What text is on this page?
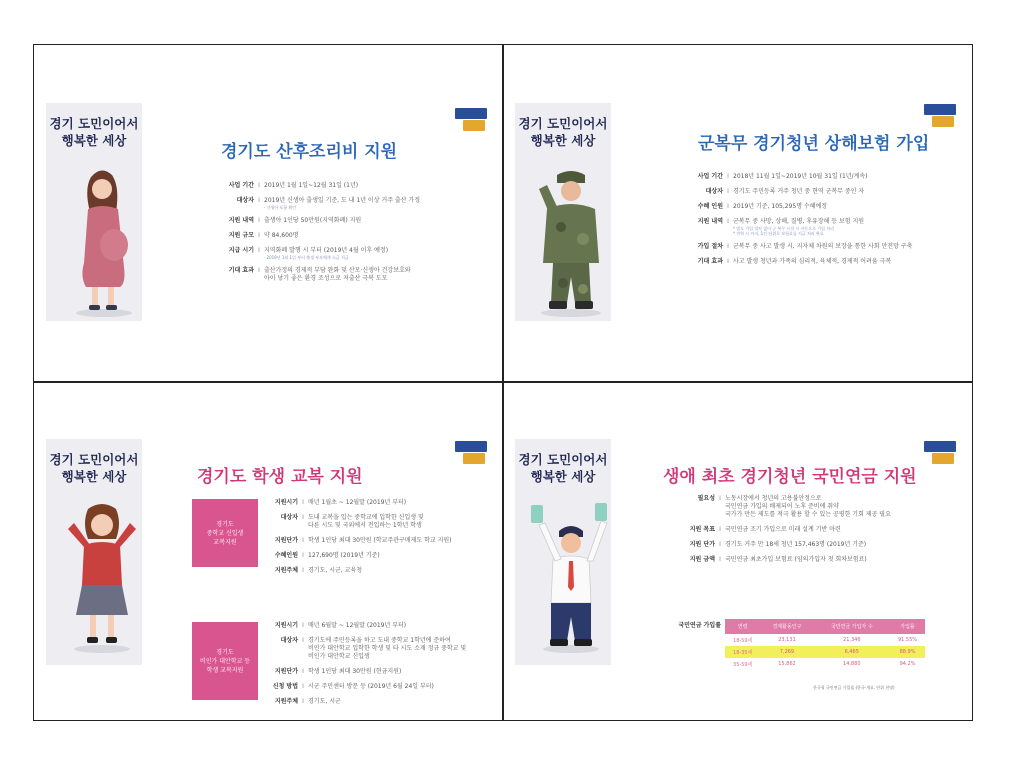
경기 도민이어서
행복한 세상
경기도 산후조리비 지원
사업 기간 I 2019년 1월 1일~12월 31일 (1년)
대상자 I 2019년 신생아 출생일 기준, 도 내 1년 이상 거주 출산 가정
· 신생아 포함 확인
지원 내역 I 출생아 1인당 50만원(지역화폐) 지원
지원 규모 I 약 84,600명
지급 시기 I 지역화폐 발행 시 부터 (2019년 4월 이후 예정)
· 2019년 1월 1일 부터 출생 부모에게 소급 지급
기대 효과 I 출산가정의 경제적 부담 완화 및 산모·신생아 건강보호와
아이 낳기 좋은 환경 조성으로 저출산 극복 도모
경기 도민이어서
행복한 세상	군복무 경기청년 상해보험 가입
사업 기간 I 2018년 11월 1일~2019년 10월 31일 (1년/계속)
대상자 I 경기도 주민등록 거주 청년 중 현역 군복무 중인 자
수혜 인원 I 2019년 기준, 105,295명 수혜예정
지원 내역 I 군복무 중 사망, 상해, 질병, 후유장해 등 보험 지원
* 별도 가입 절차 없이 군 복무 시작 시 자동으로 가입 처리
* 전역 시 까지, 1인 단위로 보험료를 지급 처리 완료
가입 절차 I 군복무 중 사고 발생 시, 지자체 차원의 보장을 통한 사회 안전망 구축
기대 효과 I 사고 발생 청년과 가족의 심리적, 육체적, 경제적 어려움 극복
경기 도민이어서
행복한 세상	경기도 학생 교복 지원
경기도
중학교 신입생
교복지원
경기도
비인가 대안학교 등
학생 교복지원
지원시기 I 매년 1월초 ~ 12월말 (2019년 부터)
대상자 I 도내 교복을 입는 중학교에 입학한 신입생 및
다른 시도 및 국외에서 전입하는 1학년 학생
지원단가 I 학생 1인당 최대 30만원 (학교주관구매제도 학교 지원)
수혜인원 I 127,690명 (2019년 기준)
지원주체 I 경기도, 시군, 교육청
지원시기 I 매년 6월말 ~ 12월말 (2019년 부터)
대상자 I 경기도에 주민등록을 하고 도내 중학교 1학년에 준하여
비인가 대안학교 입학한 학생 및 타 시도 소재 정규 중학교 및
비인가 대안학교 신입생
지원단가 I 학생 1인당 최대 30만원 (현금지원)
신청 방법 I 시군 주민센터 방문 등 (2019년 6월 24일 부터)
지원주체 I 경기도, 시군
경기 도민이어서
행복한 세상	생애 최초 경기청년 국민연금 지원
필요성 I 노동시장에서 청년의 고용불안정으로
국민연금 가입의 배제되어 노후 준비에 취약
국가가 만든 제도를 적극 활용 할 수 있는 공평한 기회 제공 필요
지원 목표 I 국민연금 조기 가입으로 미래 설계 기반 마련
지원 단가 I 경기도 거주 만 18세 청년 157,463명 (2019년 기준)
지원 금액 I 국민연금 최초가입 보험료 (임의가입자 첫 회차보험료)
국민연금 가입률	연령	경제활동인구	국민연금 가입자 수	가입률
18-59세	23,131	21,346	91.55%
18-35세	7,269	6,465	88.9%
35-59세	15,862	14,880	94.2%
한국청 국민연금 가입률 (한국·개요, 단위 천명)
